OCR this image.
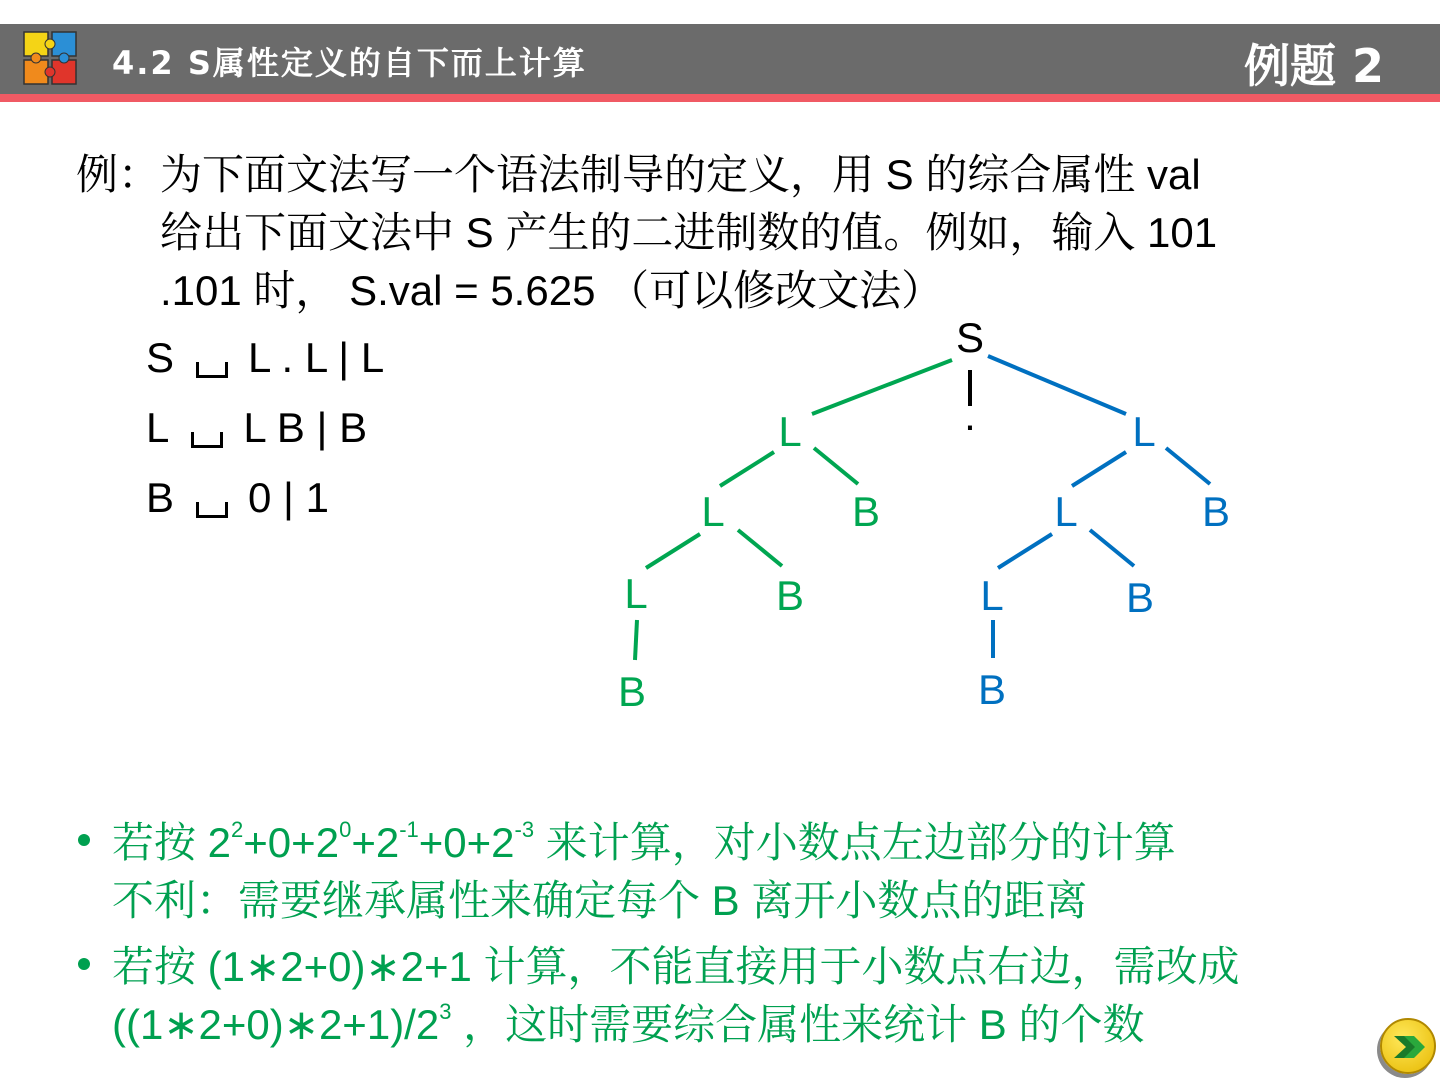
4.2 S属性定义的自下而上计算	例题 2
例：为下面文法写一个语法制导的定义，用 S 的综合属性 val
给出下面文法中 S 产生的二进制数的值。例如，输入 101
.101 时， S.val = 5.625 （可以修改文法）
S L . L | L
L L B | B
B 0 | 1
S
.
L
L	B
L	B
B
L
L	B
L	B
B
若按 $2^2+0+2^0+2^{-1}+0+2^{-3}$ 来计算，对小数点左边部分的计算
不利：需要继承属性来确定每个 B 离开小数点的距离
若按 (1∗2+0)∗2+1 计算，不能直接用于小数点右边，需改成
$((1∗2+0)∗2+1)/2^3$ ，这时需要综合属性来统计 B 的个数
